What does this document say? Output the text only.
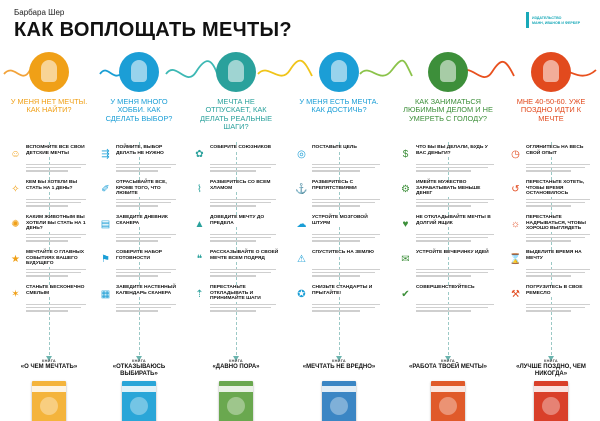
Барбара Шер
КАК ВОПЛОЩАТЬ МЕЧТЫ?
ИЗДАТЕЛЬСТВО
МАНН, ИВАНОВ И ФЕРБЕР
У МЕНЯ НЕТ МЕЧТЫ. КАК НАЙТИ?
☺
ВСПОМНИТЕ ВСЕ СВОИ ДЕТСКИЕ МЕЧТЫ
✧
КЕМ БЫ ХОТЕЛИ ВЫ СТАТЬ НА 1 ДЕНЬ?
✺
КАКИМ ЖИВОТНЫМ ВЫ ХОТЕЛИ БЫ СТАТЬ НА 1 ДЕНЬ?
★
МЕЧТАЙТЕ О ГЛАВНЫХ СОБЫТИЯХ ВАШЕГО БУДУЩЕГО
✶
СТАНЬТЕ БЕСКОНЕЧНО СМЕЛЫМ
КНИГА
«О ЧЕМ МЕЧТАТЬ»
У МЕНЯ МНОГО ХОББИ. КАК СДЕЛАТЬ ВЫБОР?
⇶
ПОЙМИТЕ, ВЫБОР ДЕЛАТЬ НЕ НУЖНО
✐
ОТРАСЫВАЙТЕ ВСЕ, КРОМЕ ТОГО, ЧТО ЛЮБИТЕ
▤
ЗАВЕДИТЕ ДНЕВНИК СКАНЕРА
⚑
СОБЕРИТЕ НАБОР ГОТОВНОСТИ
▦
ЗАВЕДИТЕ НАСТЕННЫЙ КАЛЕНДАРЬ СКАНЕРА
КНИГА
«ОТКАЗЫВАЮСЬ ВЫБИРАТЬ»
МЕЧТА НЕ ОТПУСКАЕТ, КАК ДЕЛАТЬ РЕАЛЬНЫЕ ШАГИ?
✿
СОБЕРИТЕ СОЮЗНИКОВ
⌇
РАЗБЕРИТЕСЬ СО ВСЕМ ХЛАМОМ
▲
ДОВЕДИТЕ МЕЧТУ ДО ПРЕДЕЛА
❝
РАССКАЗЫВАЙТЕ О СВОЕЙ МЕЧТЕ ВСЕМ ПОДРЯД
⇡
ПЕРЕСТАНЬТЕ ОТКЛАДЫВАТЬ И ПРИНИМАЙТЕ ШАГИ
КНИГА
«ДАВНО ПОРА»
У МЕНЯ ЕСТЬ МЕЧТА. КАК ДОСТИЧЬ?
◎
ПОСТАВЬТЕ ЦЕЛЬ
⚓
РАЗБЕРИТЕСЬ С ПРЕПЯТСТВИЯМИ
☁
УСТРОЙТЕ МОЗГОВОЙ ШТУРМ
⚠
СПУСТИТЕСЬ НА ЗЕМЛЮ
✪
СНИЗЬТЕ СТАНДАРТЫ И ПРЫГАЙТЕ!
КНИГА
«МЕЧТАТЬ НЕ ВРЕДНО»
КАК ЗАНИМАТЬСЯ ЛЮБИМЫМ ДЕЛОМ И НЕ УМЕРЕТЬ С ГОЛОДУ?
$
ЧТО БЫ ВЫ ДЕЛАЛИ, БУДЬ У ВАС ДЕНЬГИ?
⚙
ИМЕЙТЕ МУЖЕСТВО ЗАРАБАТЫВАТЬ МЕНЬШЕ ДЕНЕГ
♥
НЕ ОТКЛАДЫВАЙТЕ МЕЧТЫ В ДОЛГИЙ ЯЩИК
✉
УСТРОЙТЕ ВЕЧЕРИНКУ ИДЕЙ
✔
СОВЕРШЕНСТВУЙТЕСЬ
КНИГА
«РАБОТА ТВОЕЙ МЕЧТЫ»
МНЕ 40-50-60. УЖЕ ПОЗДНО ИДТИ К МЕЧТЕ
◷
ОГЛЯНИТЕСЬ НА ВЕСЬ СВОЙ ОПЫТ
↺
ПЕРЕСТАНЬТЕ ХОТЕТЬ, ЧТОБЫ ВРЕМЯ ОСТАНОВИЛОСЬ
☼
ПЕРЕСТАНЬТЕ НАДРЫВАТЬСЯ, ЧТОБЫ ХОРОШО ВЫГЛЯДЕТЬ
⌛
ВЫДЕЛИТЕ ВРЕМЯ НА МЕЧТУ
⚒
ПОГРУЗИТЕСЬ В СВОЕ РЕМЕСЛО
КНИГА
«ЛУЧШЕ ПОЗДНО, ЧЕМ НИКОГДА»
